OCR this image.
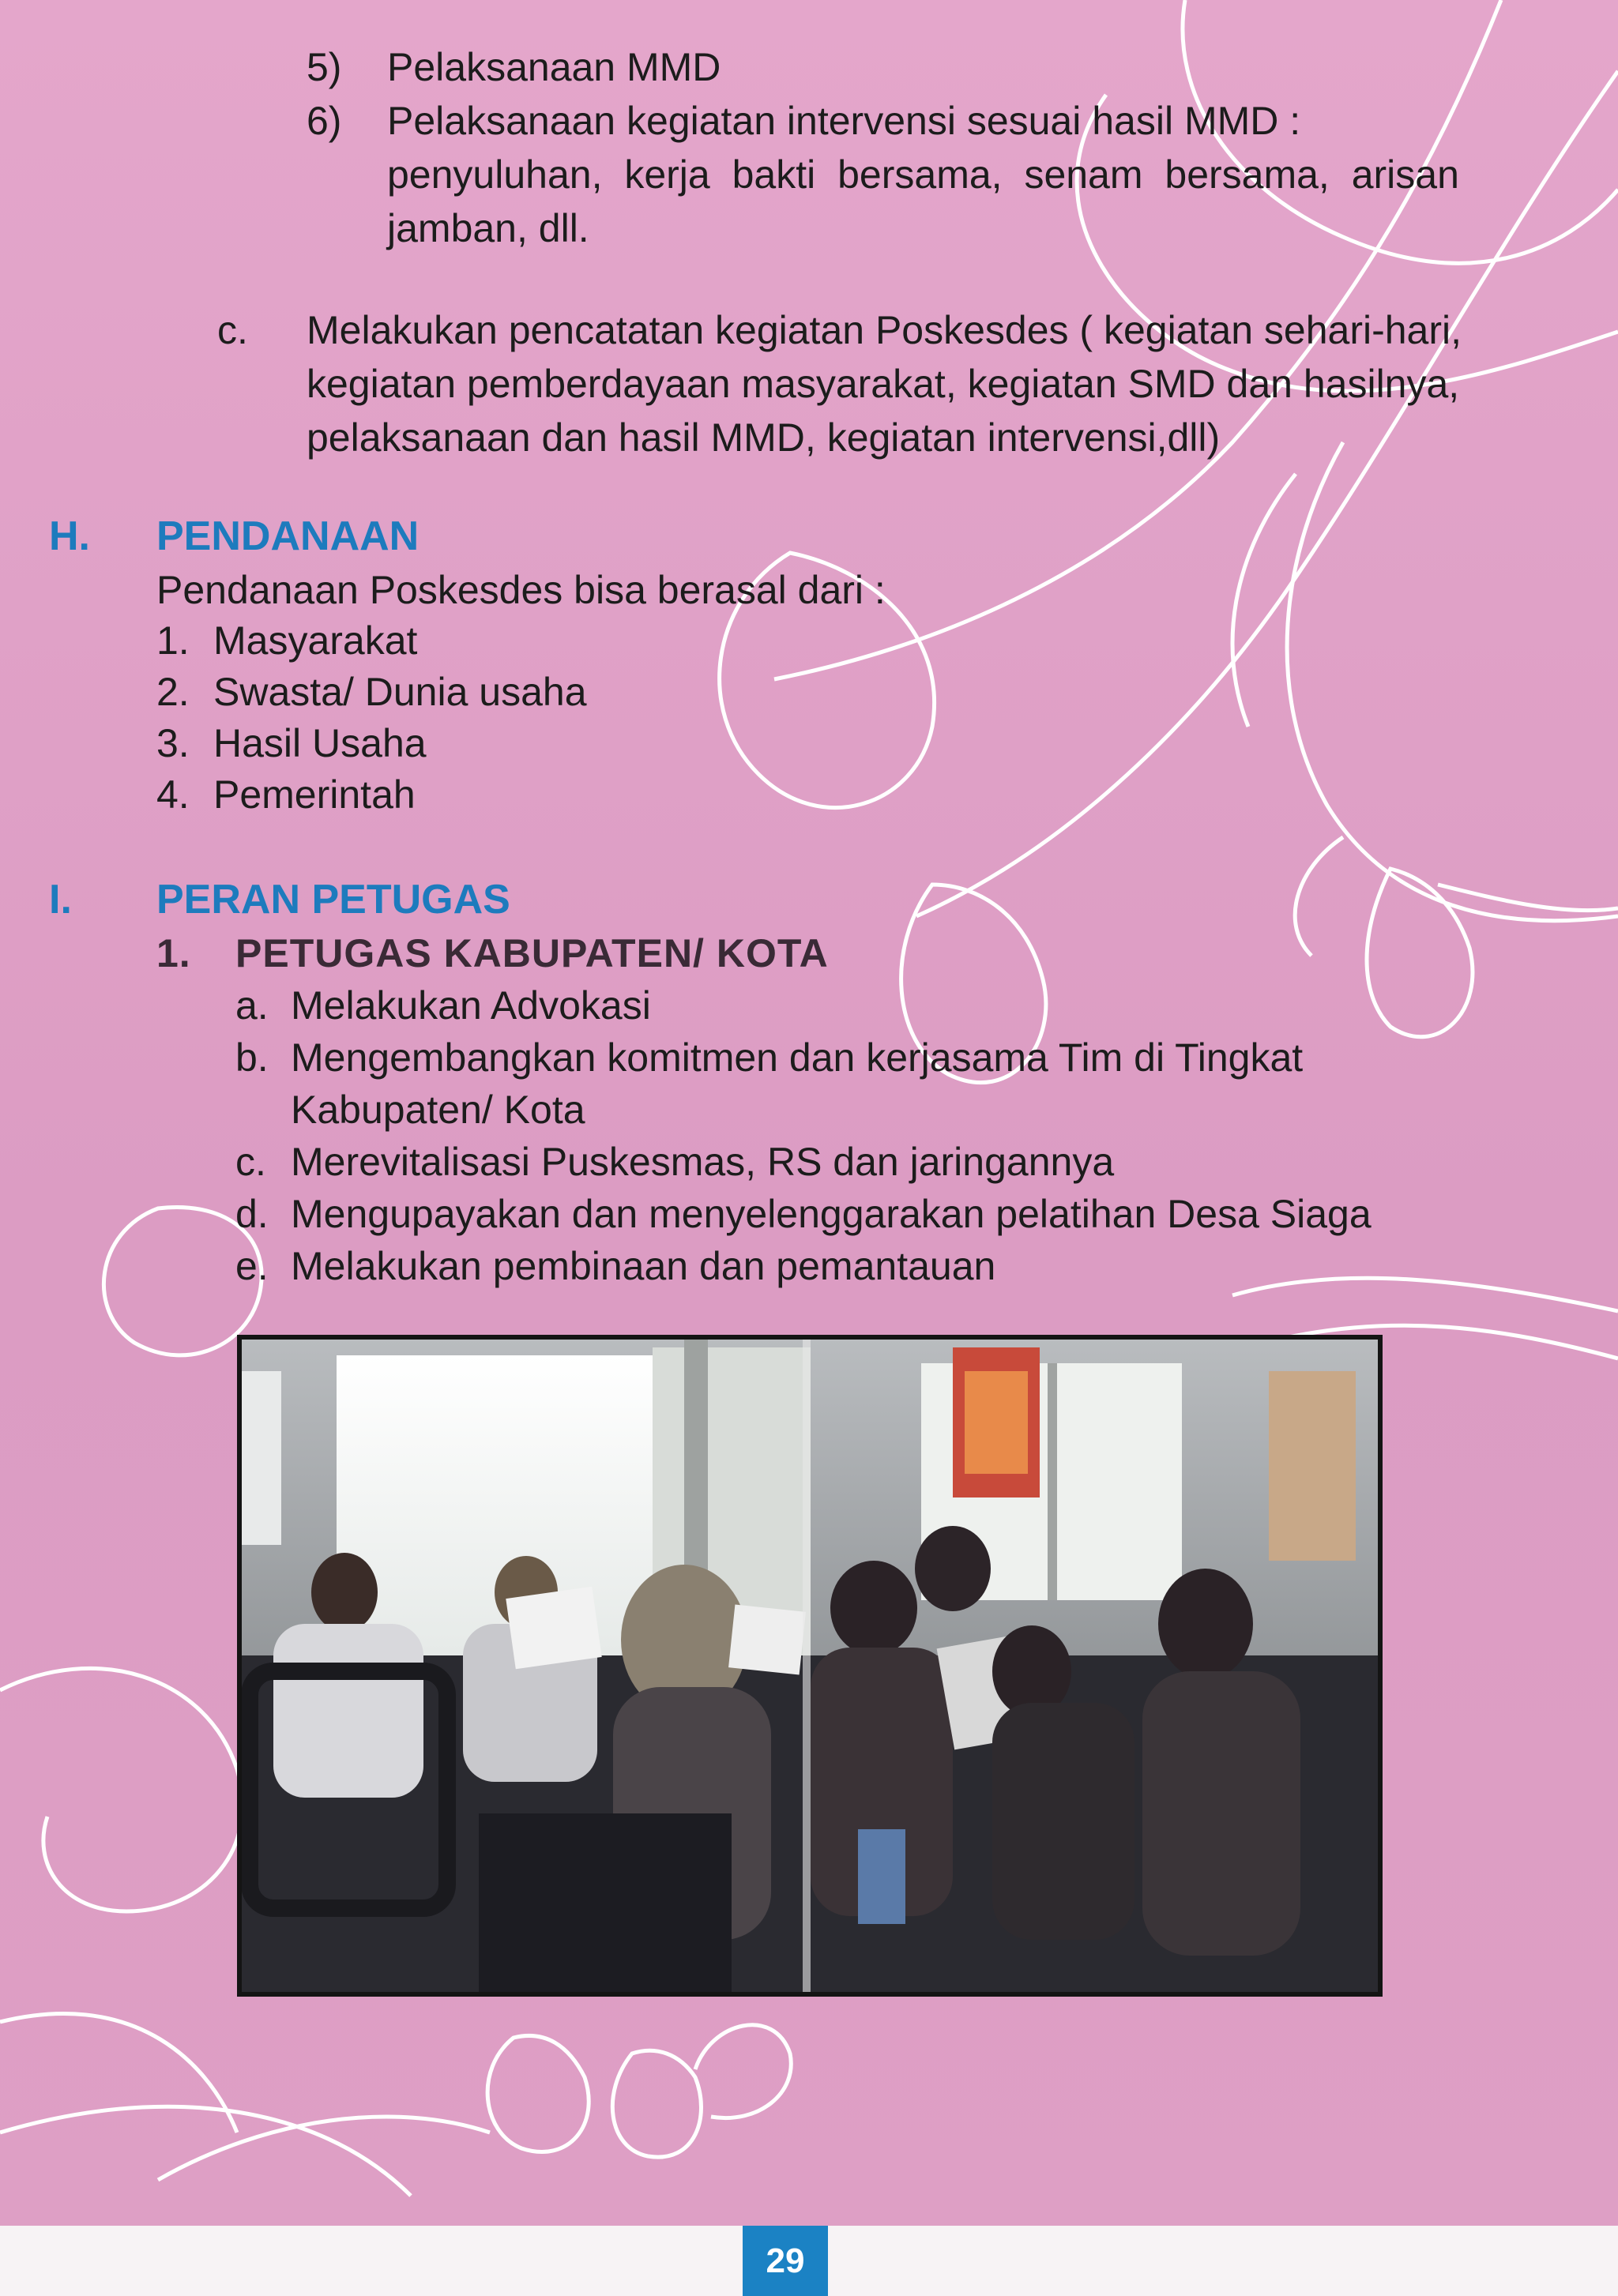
5) Pelaksanaan MMD
6) Pelaksanaan kegiatan intervensi sesuai hasil MMD :
penyuluhan, kerja bakti bersama, senam bersama, arisan
jamban, dll.
c. Melakukan pencatatan kegiatan Poskesdes ( kegiatan sehari-hari,
kegiatan pemberdayaan masyarakat, kegiatan SMD dan hasilnya,
pelaksanaan dan hasil MMD, kegiatan intervensi,dll)
H. PENDANAAN
Pendanaan Poskesdes bisa berasal dari :
1. Masyarakat
2. Swasta/ Dunia usaha
3. Hasil Usaha
4. Pemerintah
I. PERAN PETUGAS
1. PETUGAS KABUPATEN/ KOTA
a. Melakukan Advokasi
b. Mengembangkan komitmen dan kerjasama Tim di Tingkat
Kabupaten/ Kota
c. Merevitalisasi Puskesmas, RS dan jaringannya
d. Mengupayakan dan menyelenggarakan pelatihan Desa Siaga
e. Melakukan pembinaan dan pemantauan
29
